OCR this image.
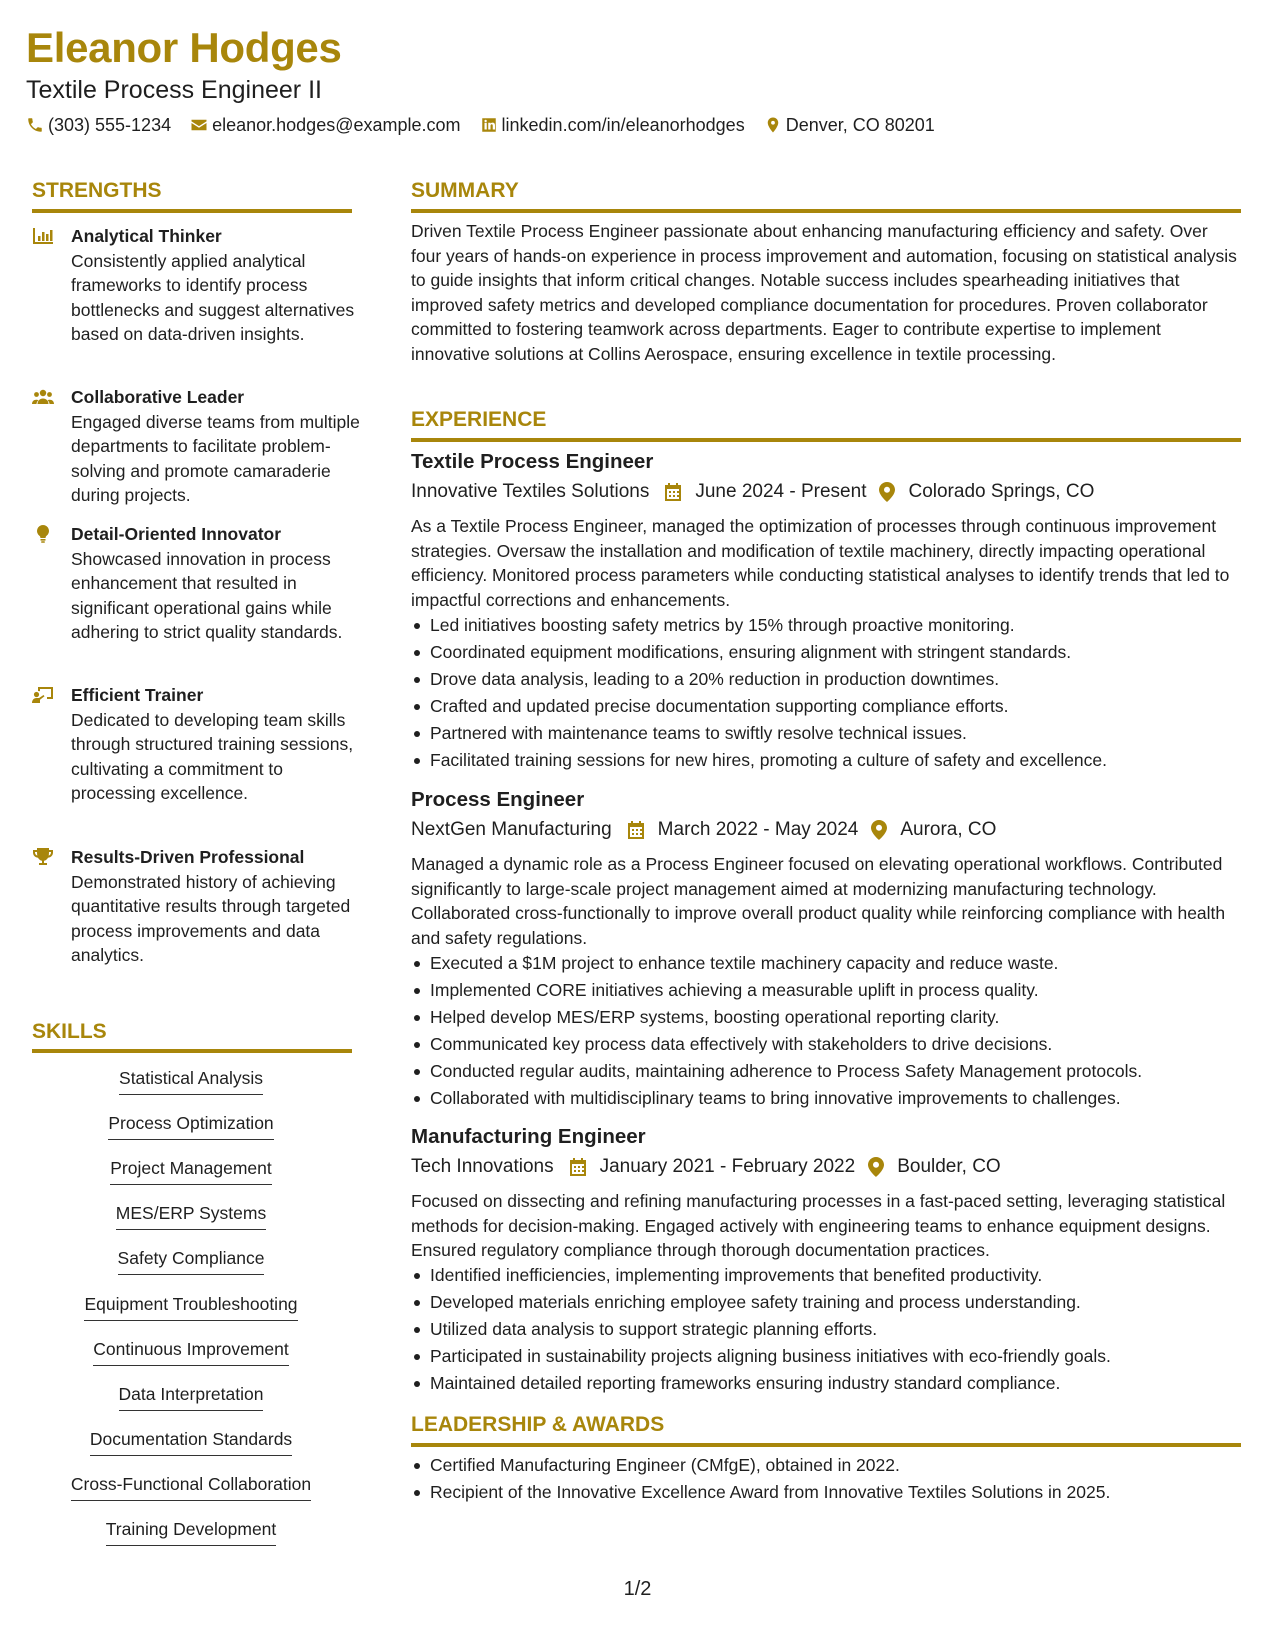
Eleanor Hodges
Textile Process Engineer II
(303) 555-1234 eleanor.hodges@example.com linkedin.com/in/eleanorhodges Denver, CO 80201
STRENGTHS
Analytical Thinker
Consistently applied analytical frameworks to identify process bottlenecks and suggest alternatives based on data-driven insights.
Collaborative Leader
Engaged diverse teams from multiple departments to facilitate problem-solving and promote camaraderie during projects.
Detail-Oriented Innovator
Showcased innovation in process enhancement that resulted in significant operational gains while adhering to strict quality standards.
Efficient Trainer
Dedicated to developing team skills through structured training sessions, cultivating a commitment to processing excellence.
Results-Driven Professional
Demonstrated history of achieving quantitative results through targeted process improvements and data analytics.
SKILLS
Statistical Analysis
Process Optimization
Project Management
MES/ERP Systems
Safety Compliance
Equipment Troubleshooting
Continuous Improvement
Data Interpretation
Documentation Standards
Cross-Functional Collaboration
Training Development
SUMMARY
Driven Textile Process Engineer passionate about enhancing manufacturing efficiency and safety. Over four years of hands-on experience in process improvement and automation, focusing on statistical analysis to guide insights that inform critical changes. Notable success includes spearheading initiatives that improved safety metrics and developed compliance documentation for procedures. Proven collaborator committed to fostering teamwork across departments. Eager to contribute expertise to implement innovative solutions at Collins Aerospace, ensuring excellence in textile processing.
EXPERIENCE
Textile Process Engineer
Innovative Textiles Solutions June 2024 - Present Colorado Springs, CO
As a Textile Process Engineer, managed the optimization of processes through continuous improvement strategies. Oversaw the installation and modification of textile machinery, directly impacting operational efficiency. Monitored process parameters while conducting statistical analyses to identify trends that led to impactful corrections and enhancements.
Led initiatives boosting safety metrics by 15% through proactive monitoring.
Coordinated equipment modifications, ensuring alignment with stringent standards.
Drove data analysis, leading to a 20% reduction in production downtimes.
Crafted and updated precise documentation supporting compliance efforts.
Partnered with maintenance teams to swiftly resolve technical issues.
Facilitated training sessions for new hires, promoting a culture of safety and excellence.
Process Engineer
NextGen Manufacturing March 2022 - May 2024 Aurora, CO
Managed a dynamic role as a Process Engineer focused on elevating operational workflows. Contributed significantly to large-scale project management aimed at modernizing manufacturing technology. Collaborated cross-functionally to improve overall product quality while reinforcing compliance with health and safety regulations.
Executed a $1M project to enhance textile machinery capacity and reduce waste.
Implemented CORE initiatives achieving a measurable uplift in process quality.
Helped develop MES/ERP systems, boosting operational reporting clarity.
Communicated key process data effectively with stakeholders to drive decisions.
Conducted regular audits, maintaining adherence to Process Safety Management protocols.
Collaborated with multidisciplinary teams to bring innovative improvements to challenges.
Manufacturing Engineer
Tech Innovations January 2021 - February 2022 Boulder, CO
Focused on dissecting and refining manufacturing processes in a fast-paced setting, leveraging statistical methods for decision-making. Engaged actively with engineering teams to enhance equipment designs. Ensured regulatory compliance through thorough documentation practices.
Identified inefficiencies, implementing improvements that benefited productivity.
Developed materials enriching employee safety training and process understanding.
Utilized data analysis to support strategic planning efforts.
Participated in sustainability projects aligning business initiatives with eco-friendly goals.
Maintained detailed reporting frameworks ensuring industry standard compliance.
LEADERSHIP & AWARDS
Certified Manufacturing Engineer (CMfgE), obtained in 2022.
Recipient of the Innovative Excellence Award from Innovative Textiles Solutions in 2025.
1/2
